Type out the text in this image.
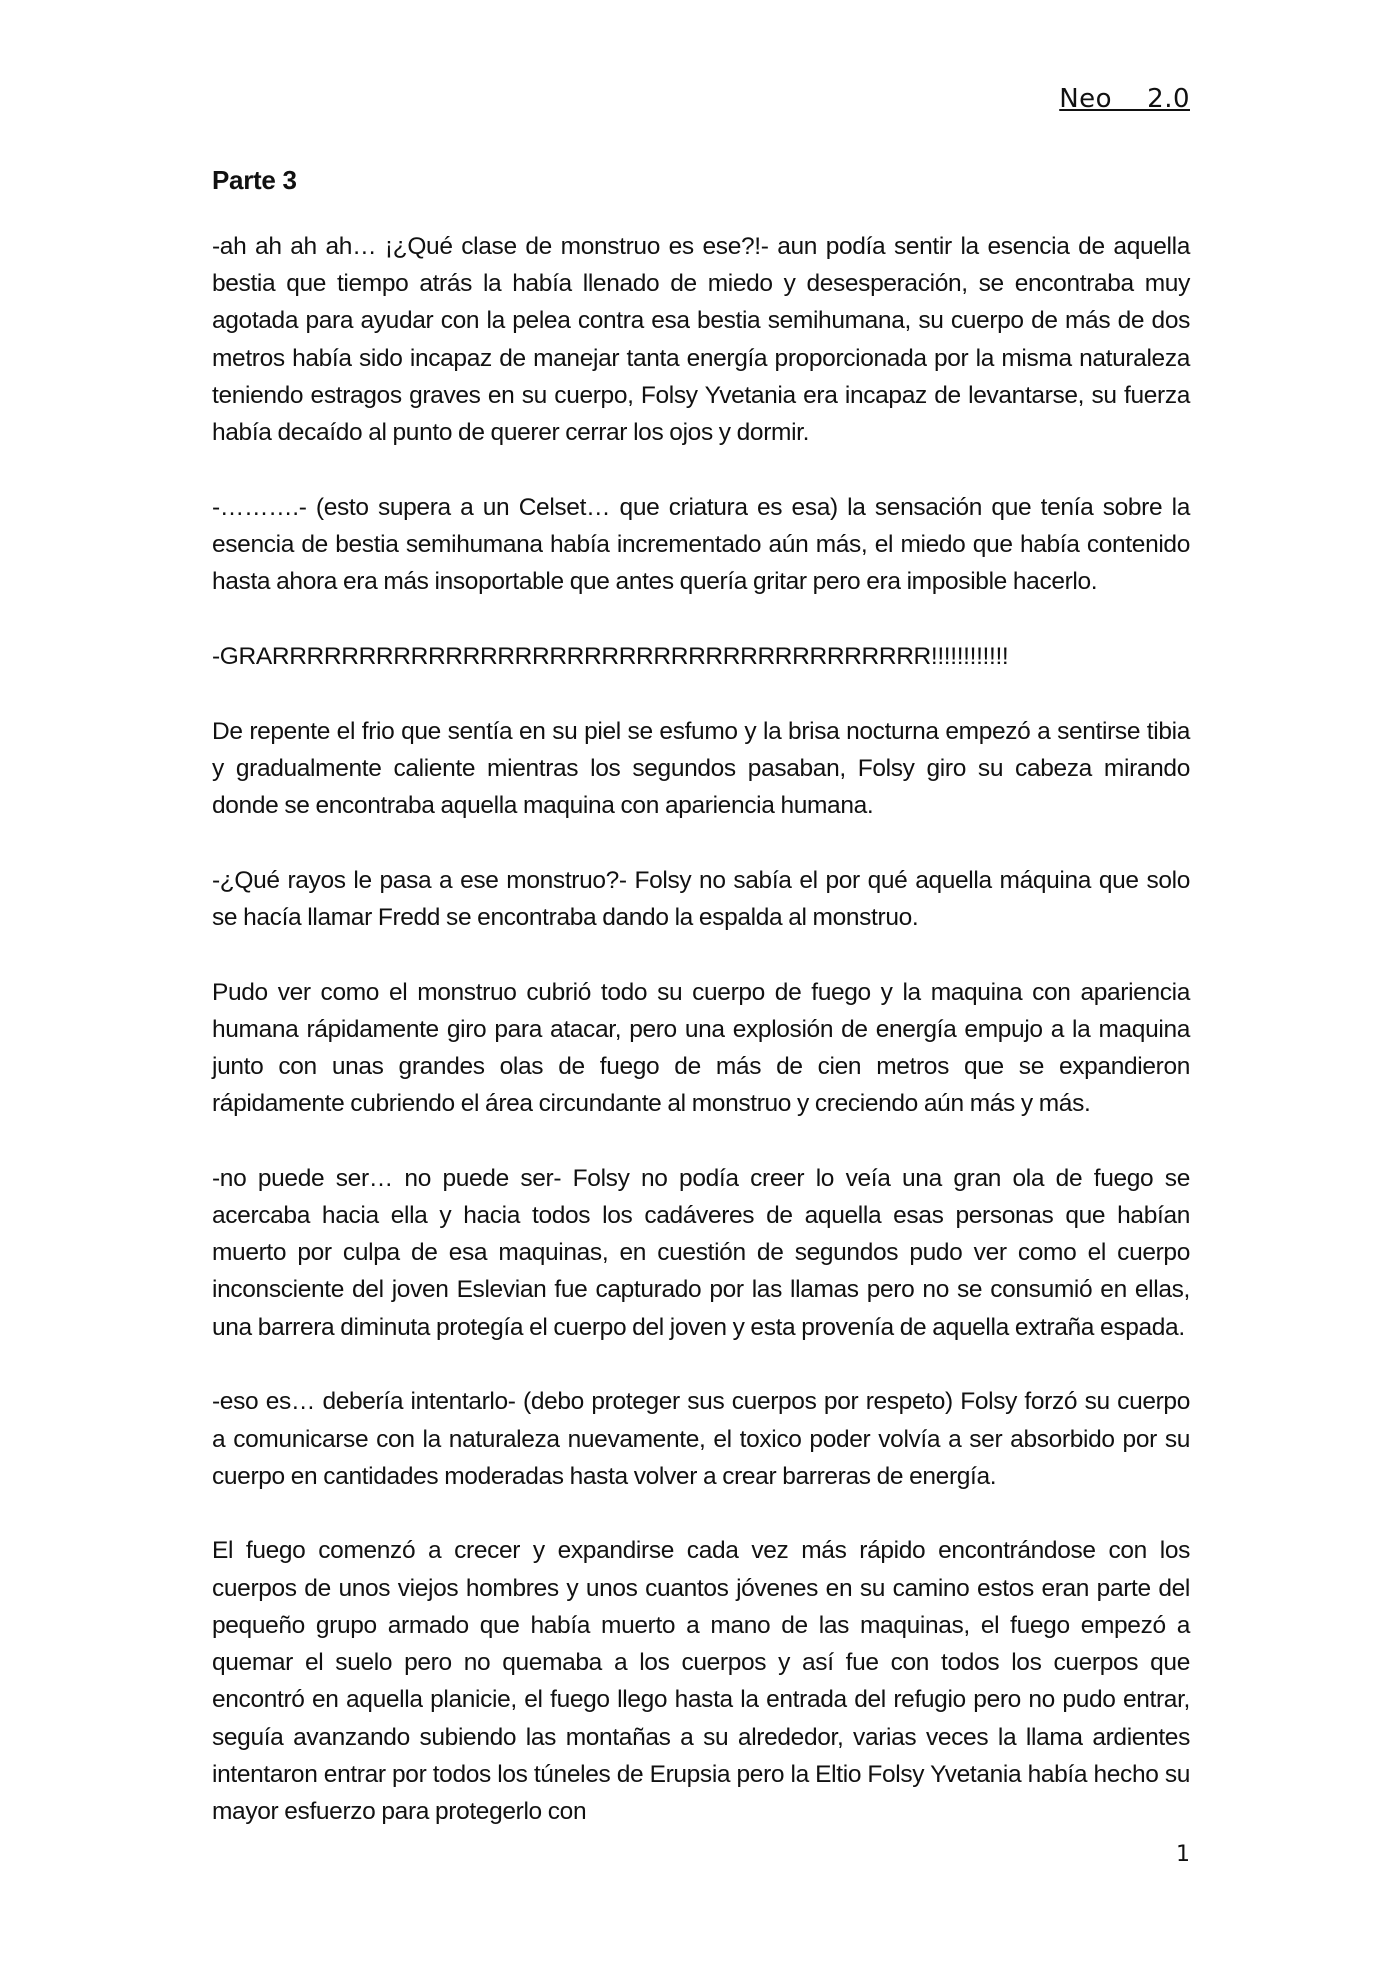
Neo    2.0
Parte 3

-ah ah ah ah… ¡¿Qué clase de monstruo es ese?!- aun podía sentir la esencia de aquella bestia que tiempo atrás la había llenado de miedo y desesperación, se encontraba muy agotada para ayudar con la pelea contra esa bestia semihumana, su cuerpo de más de dos metros había sido incapaz de manejar tanta energía proporcionada por la misma naturaleza teniendo estragos graves en su cuerpo, Folsy Yvetania era incapaz de levantarse, su fuerza había decaído al punto de querer cerrar los ojos y dormir.

-……….- (esto supera a un Celset… que criatura es esa) la sensación que tenía sobre la esencia de bestia semihumana había incrementado aún más, el miedo que había contenido hasta ahora era más insoportable que antes quería gritar pero era imposible hacerlo.

-GRARRRRRRRRRRRRRRRRRRRRRRRRRRRRRRRRRRRRRR!!!!!!!!!!!!

De repente el frio que sentía en su piel se esfumo y la brisa nocturna empezó a sentirse tibia y gradualmente caliente mientras los segundos pasaban, Folsy giro su cabeza mirando donde se encontraba aquella maquina con apariencia humana.

-¿Qué rayos le pasa a ese monstruo?- Folsy no sabía el por qué aquella máquina que solo se hacía llamar Fredd se encontraba dando la espalda al monstruo.

Pudo ver como el monstruo cubrió todo su cuerpo de fuego y la maquina con apariencia humana rápidamente giro para atacar, pero una explosión de energía empujo a la maquina junto con unas grandes olas de fuego de más de cien metros que se expandieron rápidamente cubriendo el área circundante al monstruo y creciendo aún más y más.

-no puede ser… no puede ser- Folsy no podía creer lo veía una gran ola de fuego se acercaba hacia ella y hacia todos los cadáveres de aquella esas personas que habían muerto por culpa de esa maquinas, en cuestión de segundos pudo ver como el cuerpo inconsciente del joven Eslevian fue capturado por las llamas pero no se consumió en ellas, una barrera diminuta protegía el cuerpo del joven y esta provenía de aquella extraña espada.

-eso es… debería intentarlo- (debo proteger sus cuerpos por respeto) Folsy forzó su cuerpo a comunicarse con la naturaleza nuevamente, el toxico poder volvía a ser absorbido por su cuerpo en cantidades moderadas hasta volver a crear barreras de energía.

El fuego comenzó a crecer y expandirse cada vez más rápido encontrándose con los cuerpos de unos viejos hombres y unos cuantos jóvenes en su camino estos eran parte del pequeño grupo armado que había muerto a mano de las maquinas, el fuego empezó a quemar el suelo pero no quemaba a los cuerpos y así fue con todos los cuerpos que encontró en aquella planicie, el fuego llego hasta la entrada del refugio pero no pudo entrar, seguía avanzando subiendo las montañas a su alrededor, varias veces la llama ardientes intentaron entrar por todos los túneles de Erupsia pero la Eltio Folsy Yvetania había hecho su mayor esfuerzo para protegerlo con

1
